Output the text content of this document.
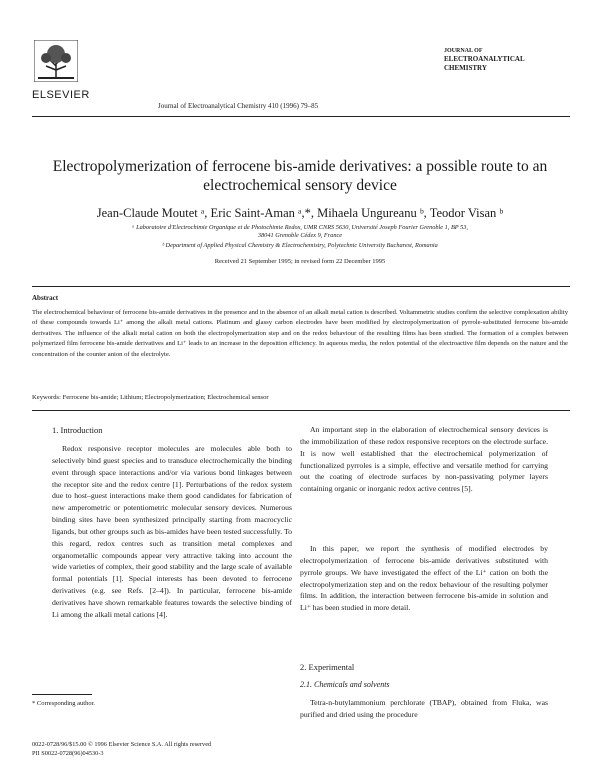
ELSEVIER
Journal of Electroanalytical Chemistry 410 (1996) 79–85
JOURNAL OF
ELECTROANALYTICAL
CHEMISTRY
Electropolymerization of ferrocene bis-amide derivatives: a possible route to an electrochemical sensory device
Jean-Claude Moutet ᵃ, Eric Saint-Aman ᵃ,*, Mihaela Ungureanu ᵇ, Teodor Visan ᵇ
ᵃ Laboratoire d'Electrochimie Organique et de Photochimie Redox, UMR CNRS 5630, Université Joseph Fourier Grenoble 1, BP 53,
38041 Grenoble Cédex 9, France
ᵇ Department of Applied Physical Chemistry & Electrochemistry, Polytechnic University Bucharest, Romania
Received 21 September 1995; in revised form 22 December 1995
Abstract
The electrochemical behaviour of ferrocene bis-amide derivatives in the presence and in the absence of an alkali metal cation is described. Voltammetric studies confirm the selective complexation ability of these compounds towards Li⁺ among the alkali metal cations. Platinum and glassy carbon electrodes have been modified by electropolymerization of pyrrole-substituted ferrocene bis-amide derivatives. The influence of the alkali metal cation on both the electropolymerization step and on the redox behaviour of the resulting films has been studied. The formation of a complex between polymerized film ferrocene bis-amide derivatives and Li⁺ leads to an increase in the deposition efficiency. In aqueous media, the redox potential of the electroactive film depends on the nature and the concentration of the counter anion of the electrolyte.
Keywords: Ferrocene bis-amide; Lithium; Electropolymerization; Electrochemical sensor
1. Introduction

Redox responsive receptor molecules are molecules able both to selectively bind guest species and to transduce electrochemically the binding event through space interactions and/or via various bond linkages between the receptor site and the redox centre [1]. Perturbations of the redox system due to host–guest interactions make them good candidates for fabrication of new amperometric or potentiometric molecular sensory devices. Numerous binding sites have been synthesized principally starting from macrocyclic ligands, but other groups such as bis-amides have been tested successfully. To this regard, redox centres such as transition metal complexes and organometallic compounds appear very attractive taking into account the wide varieties of complex, their good stability and the large scale of available formal potentials [1]. Special interests has been devoted to ferrocene derivatives (e.g. see Refs. [2–4]). In particular, ferrocene bis-amide derivatives have shown remarkable features towards the selective binding of Li among the alkali metal cations [4].

* Corresponding author.

An important step in the elaboration of electrochemical sensory devices is the immobilization of these redox responsive receptors on the electrode surface. It is now well established that the electrochemical polymerization of functionalized pyrroles is a simple, effective and versatile method for carrying out the coating of electrode surfaces by non-passivating polymer layers containing organic or inorganic redox active centres [5].

In this paper, we report the synthesis of modified electrodes by electropolymerization of ferrocene bis-amide derivatives substituted with pyrrole groups. We have investigated the effect of the Li⁺ cation on both the electropolymerization step and on the redox behaviour of the resulting polymer films. In addition, the interaction between ferrocene bis-amide in solution and Li⁺ has been studied in more detail.

2. Experimental
2.1. Chemicals and solvents

Tetra-n-butylammonium perchlorate (TBAP), obtained from Fluka, was purified and dried using the procedure

0022-0728/96/$15.00 © 1996 Elsevier Science S.A. All rights reserved
PII S0022-0728(96)04530-3
